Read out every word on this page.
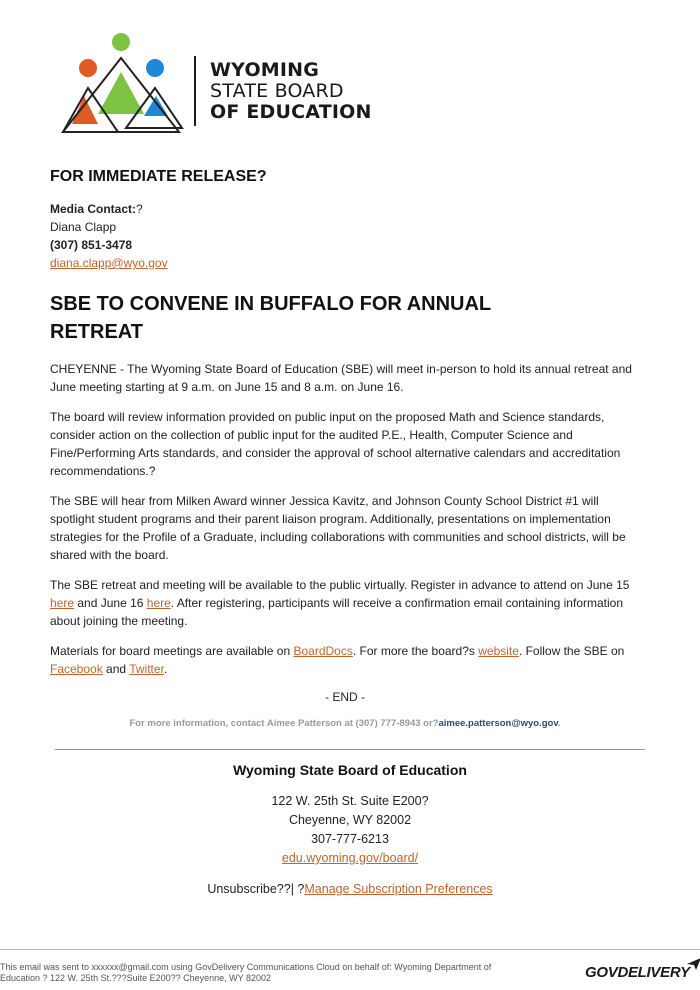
WYOMING
STATE BOARD
OF EDUCATION
FOR IMMEDIATE RELEASE?
Media Contact:?
Diana Clapp
(307) 851-3478
diana.clapp@wyo.gov
SBE TO CONVENE IN BUFFALO FOR ANNUAL
RETREAT

CHEYENNE - The Wyoming State Board of Education (SBE) will meet in-person to hold its annual retreat and June meeting starting at 9 a.m. on June 15 and 8 a.m. on June 16.

The board will review information provided on public input on the proposed Math and Science standards, consider action on the collection of public input for the audited P.E., Health, Computer Science and Fine/Performing Arts standards, and consider the approval of school alternative calendars and accreditation recommendations.?

The SBE will hear from Milken Award winner Jessica Kavitz, and Johnson County School District #1 will spotlight student programs and their parent liaison program. Additionally, presentations on implementation strategies for the Profile of a Graduate, including collaborations with communities and school districts, will be shared with the board.

The SBE retreat and meeting will be available to the public virtually. Register in advance to attend on June 15 here and June 16 here. After registering, participants will receive a confirmation email containing information about joining the meeting.

Materials for board meetings are available on BoardDocs. For more the board?s website. Follow the SBE on Facebook and Twitter.

- END -
For more information, contact Aimee Patterson at (307) 777-8943 or?aimee.patterson@wyo.gov.
Wyoming State Board of Education
122 W. 25th St. Suite E200?
Cheyenne, WY 82002
307-777-6213
edu.wyoming.gov/board/
Unsubscribe??| ?Manage Subscription Preferences
This email was sent to xxxxxx@gmail.com using GovDelivery Communications Cloud on behalf of: Wyoming Department of
Education ? 122 W. 25th St.???Suite E200?? Cheyenne, WY 82002	GOVDELIVERY
